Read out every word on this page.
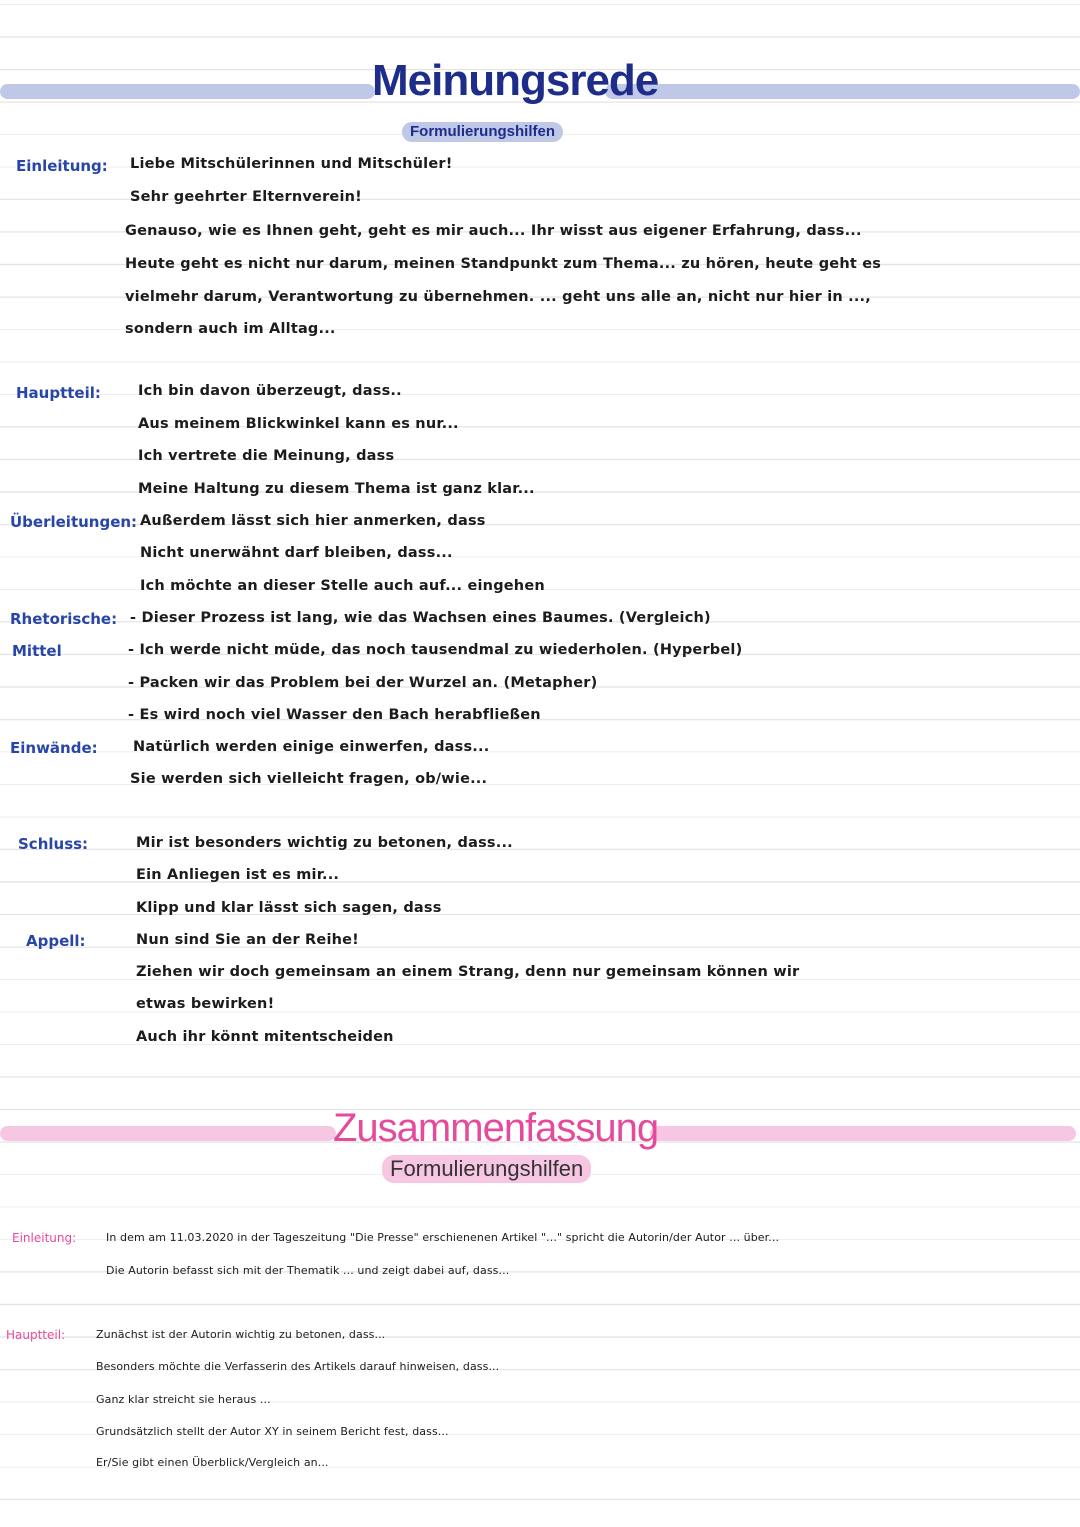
Meinungsrede
Formulierungshilfen
Einleitung: Liebe Mitschülerinnen und Mitschüler!
Sehr geehrter Elternverein!
Genauso, wie es Ihnen geht, geht es mir auch... Ihr wisst aus eigener Erfahrung, dass...
Heute geht es nicht nur darum, meinen Standpunkt zum Thema... zu hören, heute geht es
vielmehr darum, Verantwortung zu übernehmen. ... geht uns alle an, nicht nur hier in ...,
sondern auch im Alltag...
Hauptteil:	Ich bin davon überzeugt, dass..
Aus meinem Blickwinkel kann es nur...
Ich vertrete die Meinung, dass
Meine Haltung zu diesem Thema ist ganz klar...
Überleitungen: Außerdem lässt sich hier anmerken, dass
Nicht unerwähnt darf bleiben, dass...
Ich möchte an dieser Stelle auch auf... eingehen
Rhetorische:
Mittel
- Dieser Prozess ist lang, wie das Wachsen eines Baumes. (Vergleich)
- Ich werde nicht müde, das noch tausendmal zu wiederholen. (Hyperbel)
- Packen wir das Problem bei der Wurzel an. (Metapher)
- Es wird noch viel Wasser den Bach herabfließen
Einwände: Natürlich werden einige einwerfen, dass...
Sie werden sich vielleicht fragen, ob/wie...
Schluss:	Mir ist besonders wichtig zu betonen, dass...
Ein Anliegen ist es mir...
Klipp und klar lässt sich sagen, dass
Appell:	Nun sind Sie an der Reihe!
Ziehen wir doch gemeinsam an einem Strang, denn nur gemeinsam können wir
etwas bewirken!
Auch ihr könnt mitentscheiden
Zusammenfassung
Formulierungshilfen
Einleitung:	In dem am 11.03.2020 in der Tageszeitung "Die Presse" erschienenen Artikel "..." spricht die Autorin/der Autor ... über...
Die Autorin befasst sich mit der Thematik ... und zeigt dabei auf, dass...
Hauptteil:	Zunächst ist der Autorin wichtig zu betonen, dass...
Besonders möchte die Verfasserin des Artikels darauf hinweisen, dass...
Ganz klar streicht sie heraus ...
Grundsätzlich stellt der Autor XY in seinem Bericht fest, dass...
Er/Sie gibt einen Überblick/Vergleich an...
